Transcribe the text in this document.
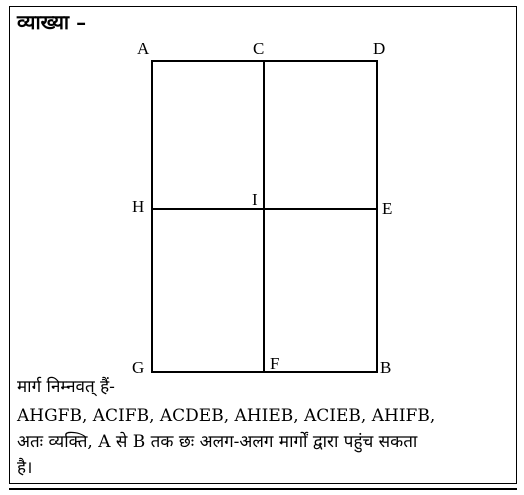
व्याख्या –
A	C	D
H	I	E
G	F	B
मार्ग निम्नवत् हैं-
AHGFB, ACIFB, ACDEB, AHIEB, ACIEB, AHIFB,
अतः व्यक्ति, A से B तक छः अलग-अलग मार्गों द्वारा पहुंच सकता
है।
